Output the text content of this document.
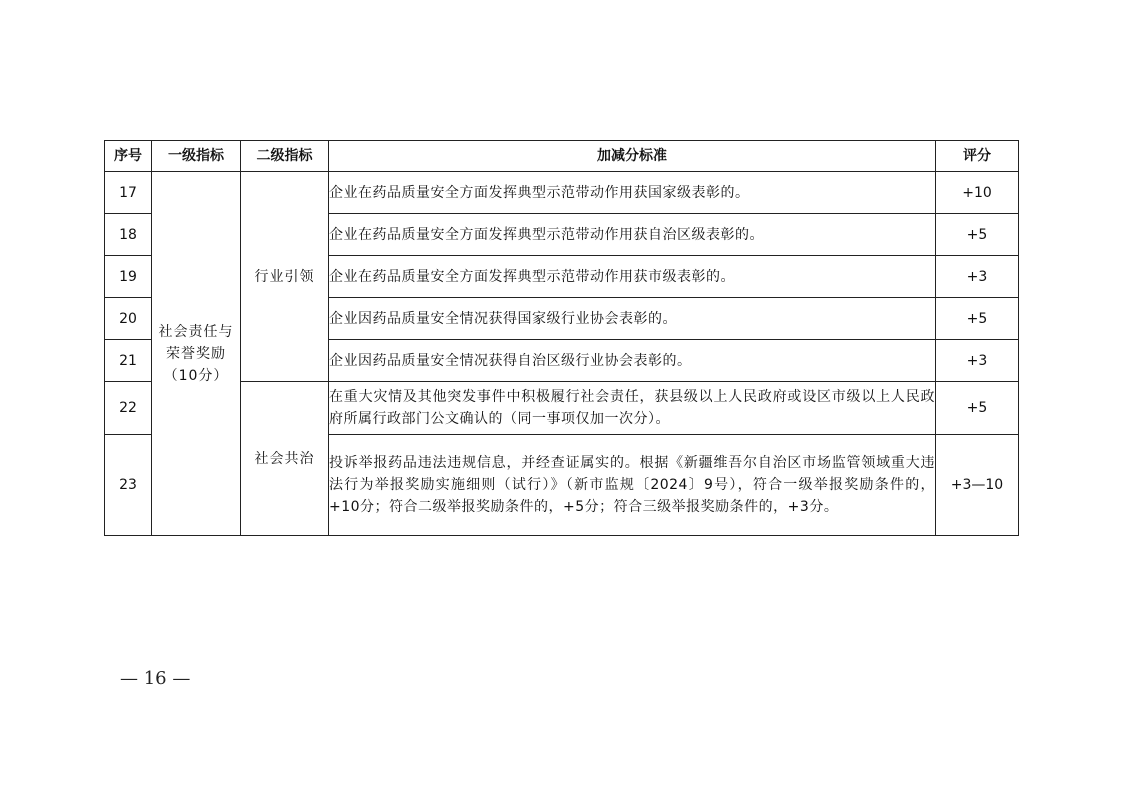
序号	一级指标	二级指标	加减分标准	评分
17	社会责任与荣誉奖励（10分）	行业引领	企业在药品质量安全方面发挥典型示范带动作用获国家级表彰的。	+10
18			企业在药品质量安全方面发挥典型示范带动作用获自治区级表彰的。	+5
19			企业在药品质量安全方面发挥典型示范带动作用获市级表彰的。	+3
20			企业因药品质量安全情况获得国家级行业协会表彰的。	+5
21			企业因药品质量安全情况获得自治区级行业协会表彰的。	+3
22		社会共治	在重大灾情及其他突发事件中积极履行社会责任，获县级以上人民政府或设区市级以上人民政府所属行政部门公文确认的（同一事项仅加一次分）。	+5
23			投诉举报药品违法违规信息，并经查证属实的。根据《新疆维吾尔自治区市场监管领域重大违法行为举报奖励实施细则（试行）》（新市监规〔2024〕9号），符合一级举报奖励条件的，+10分；符合二级举报奖励条件的，+5分；符合三级举报奖励条件的，+3分。	+3—10
— 16 —
